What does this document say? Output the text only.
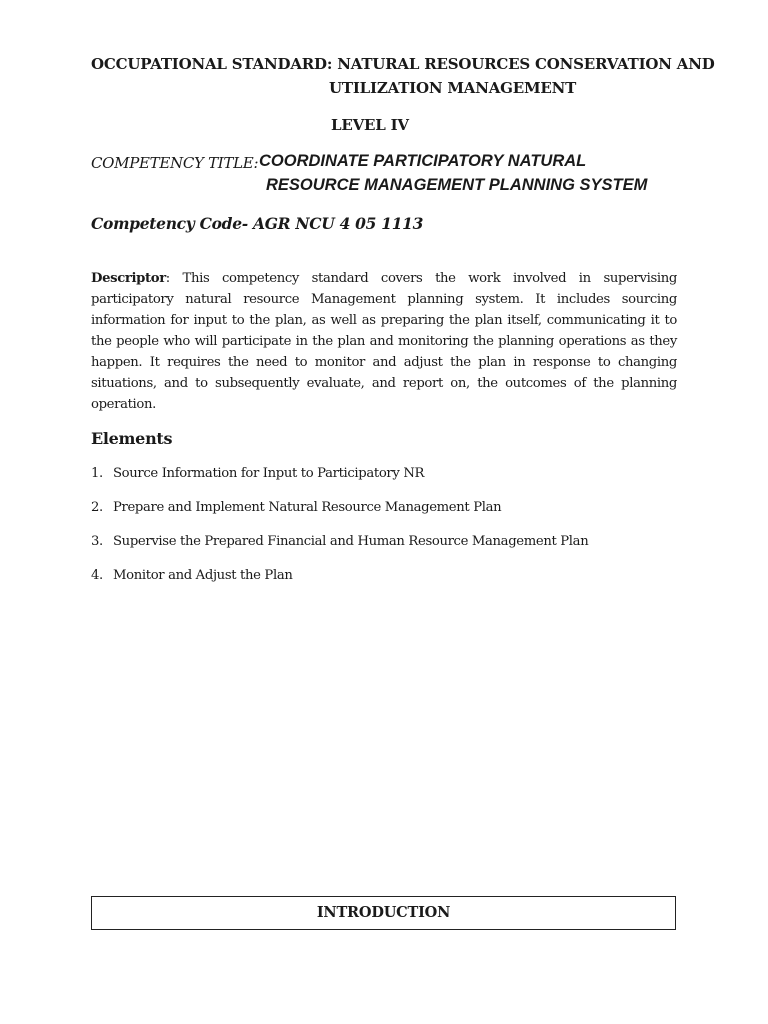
OCCUPATIONAL STANDARD: NATURAL RESOURCES CONSERVATION AND
UTILIZATION MANAGEMENT
LEVEL IV
COMPETENCY TITLE: COORDINATE PARTICIPATORY NATURAL
RESOURCE MANAGEMENT PLANNING SYSTEM
Competency Code- AGR NCU 4 05 1113

Descriptor: This competency standard covers the work involved in supervising participatory natural resource Management planning system. It includes sourcing information for input to the plan, as well as preparing the plan itself, communicating it to the people who will participate in the plan and monitoring the planning operations as they happen. It requires the need to monitor and adjust the plan in response to changing situations, and to subsequently evaluate, and report on, the outcomes of the planning operation.

Elements
1. Source Information for Input to Participatory NR
2. Prepare and Implement Natural Resource Management Plan
3. Supervise the Prepared Financial and Human Resource Management Plan
4. Monitor and Adjust the Plan
INTRODUCTION
